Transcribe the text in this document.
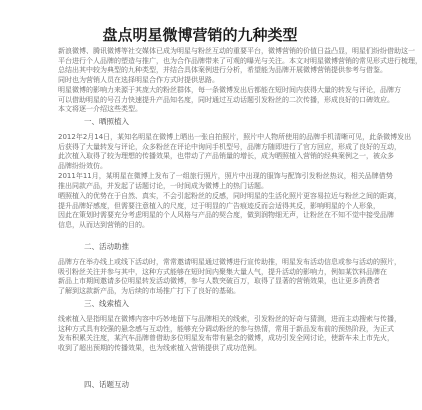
盘点明星微博营销的九种类型
新浪微博、腾讯微博等社交媒体已成为明星与粉丝互动的重要平台，微博营销的价值日益凸显，明星们纷纷借助这一
平台进行个人品牌的塑造与推广，也为合作品牌带来了可观的曝光与关注。本文对明星微博营销的常见形式进行梳理，
总结出其中较为典型的九种类型，并结合具体案例进行分析，希望能为品牌开展微博营销提供参考与借鉴。
同时也为营销人员在选择明星合作方式时提供思路。
明星微博的影响力来源于其庞大的粉丝群体，每一条微博发出后都能在短时间内获得大量的转发与评论，品牌方
可以借助明星的号召力快速提升产品知名度，同时通过互动话题引发粉丝的二次传播，形成良好的口碑效应。
本文将逐一介绍这些类型。
一、晒照植入
2012年2月14日，某知名明星在微博上晒出一张自拍照片，照片中人物所使用的品牌手机清晰可见，此条微博发出
后获得了大量转发与评论，众多粉丝在评论中询问手机型号，品牌方随即进行了官方回应，形成了良好的互动，
此次植入取得了较为理想的传播效果，也带动了产品销量的增长，成为晒照植入营销的经典案例之一，被众多
品牌纷纷效仿。
2011年11月，某明星在微博上发布了一组旅行照片，照片中出现的服饰与配饰引发粉丝热议，相关品牌借势
推出同款产品，并发起了话题讨论，一时间成为微博上的热门话题。
晒照植入的优势在于自然、真实，不会引起粉丝的反感，同时明星的生活化照片更容易拉近与粉丝之间的距离，
提升品牌好感度，但需要注意植入的尺度，过于明显的广告痕迹反而会适得其反，影响明星的个人形象，
因此在策划时需要充分考虑明星的个人风格与产品的契合度，做到润物细无声，让粉丝在不知不觉中接受品牌
信息，从而达到营销的目的。
二、活动助推
品牌方在举办线上或线下活动时，常常邀请明星通过微博进行宣传助推，明星发布活动信息或参与活动的照片，
吸引粉丝关注并参与其中，这种方式能够在短时间内聚集大量人气，提升活动的影响力，例如某饮料品牌在
新品上市期间邀请多位明星转发活动微博，参与人数突破百万，取得了显著的营销效果，也让更多消费者
了解到这款新产品，为后续的市场推广打下了良好的基础。
三、线索植入
线索植入是指明星在微博内容中巧妙地留下与品牌相关的线索，引发粉丝的好奇与猜测，进而主动搜索与传播，
这种方式具有较强的悬念感与互动性，能够充分调动粉丝的参与热情，常用于新品发布前的预热阶段，为正式
发布积累关注度，某汽车品牌曾借助多位明星发布带有悬念的微博，成功引发全网讨论，使新车未上市先火，
收到了超出预期的传播效果，也为线索植入营销提供了成功范例。
四、话题互动
